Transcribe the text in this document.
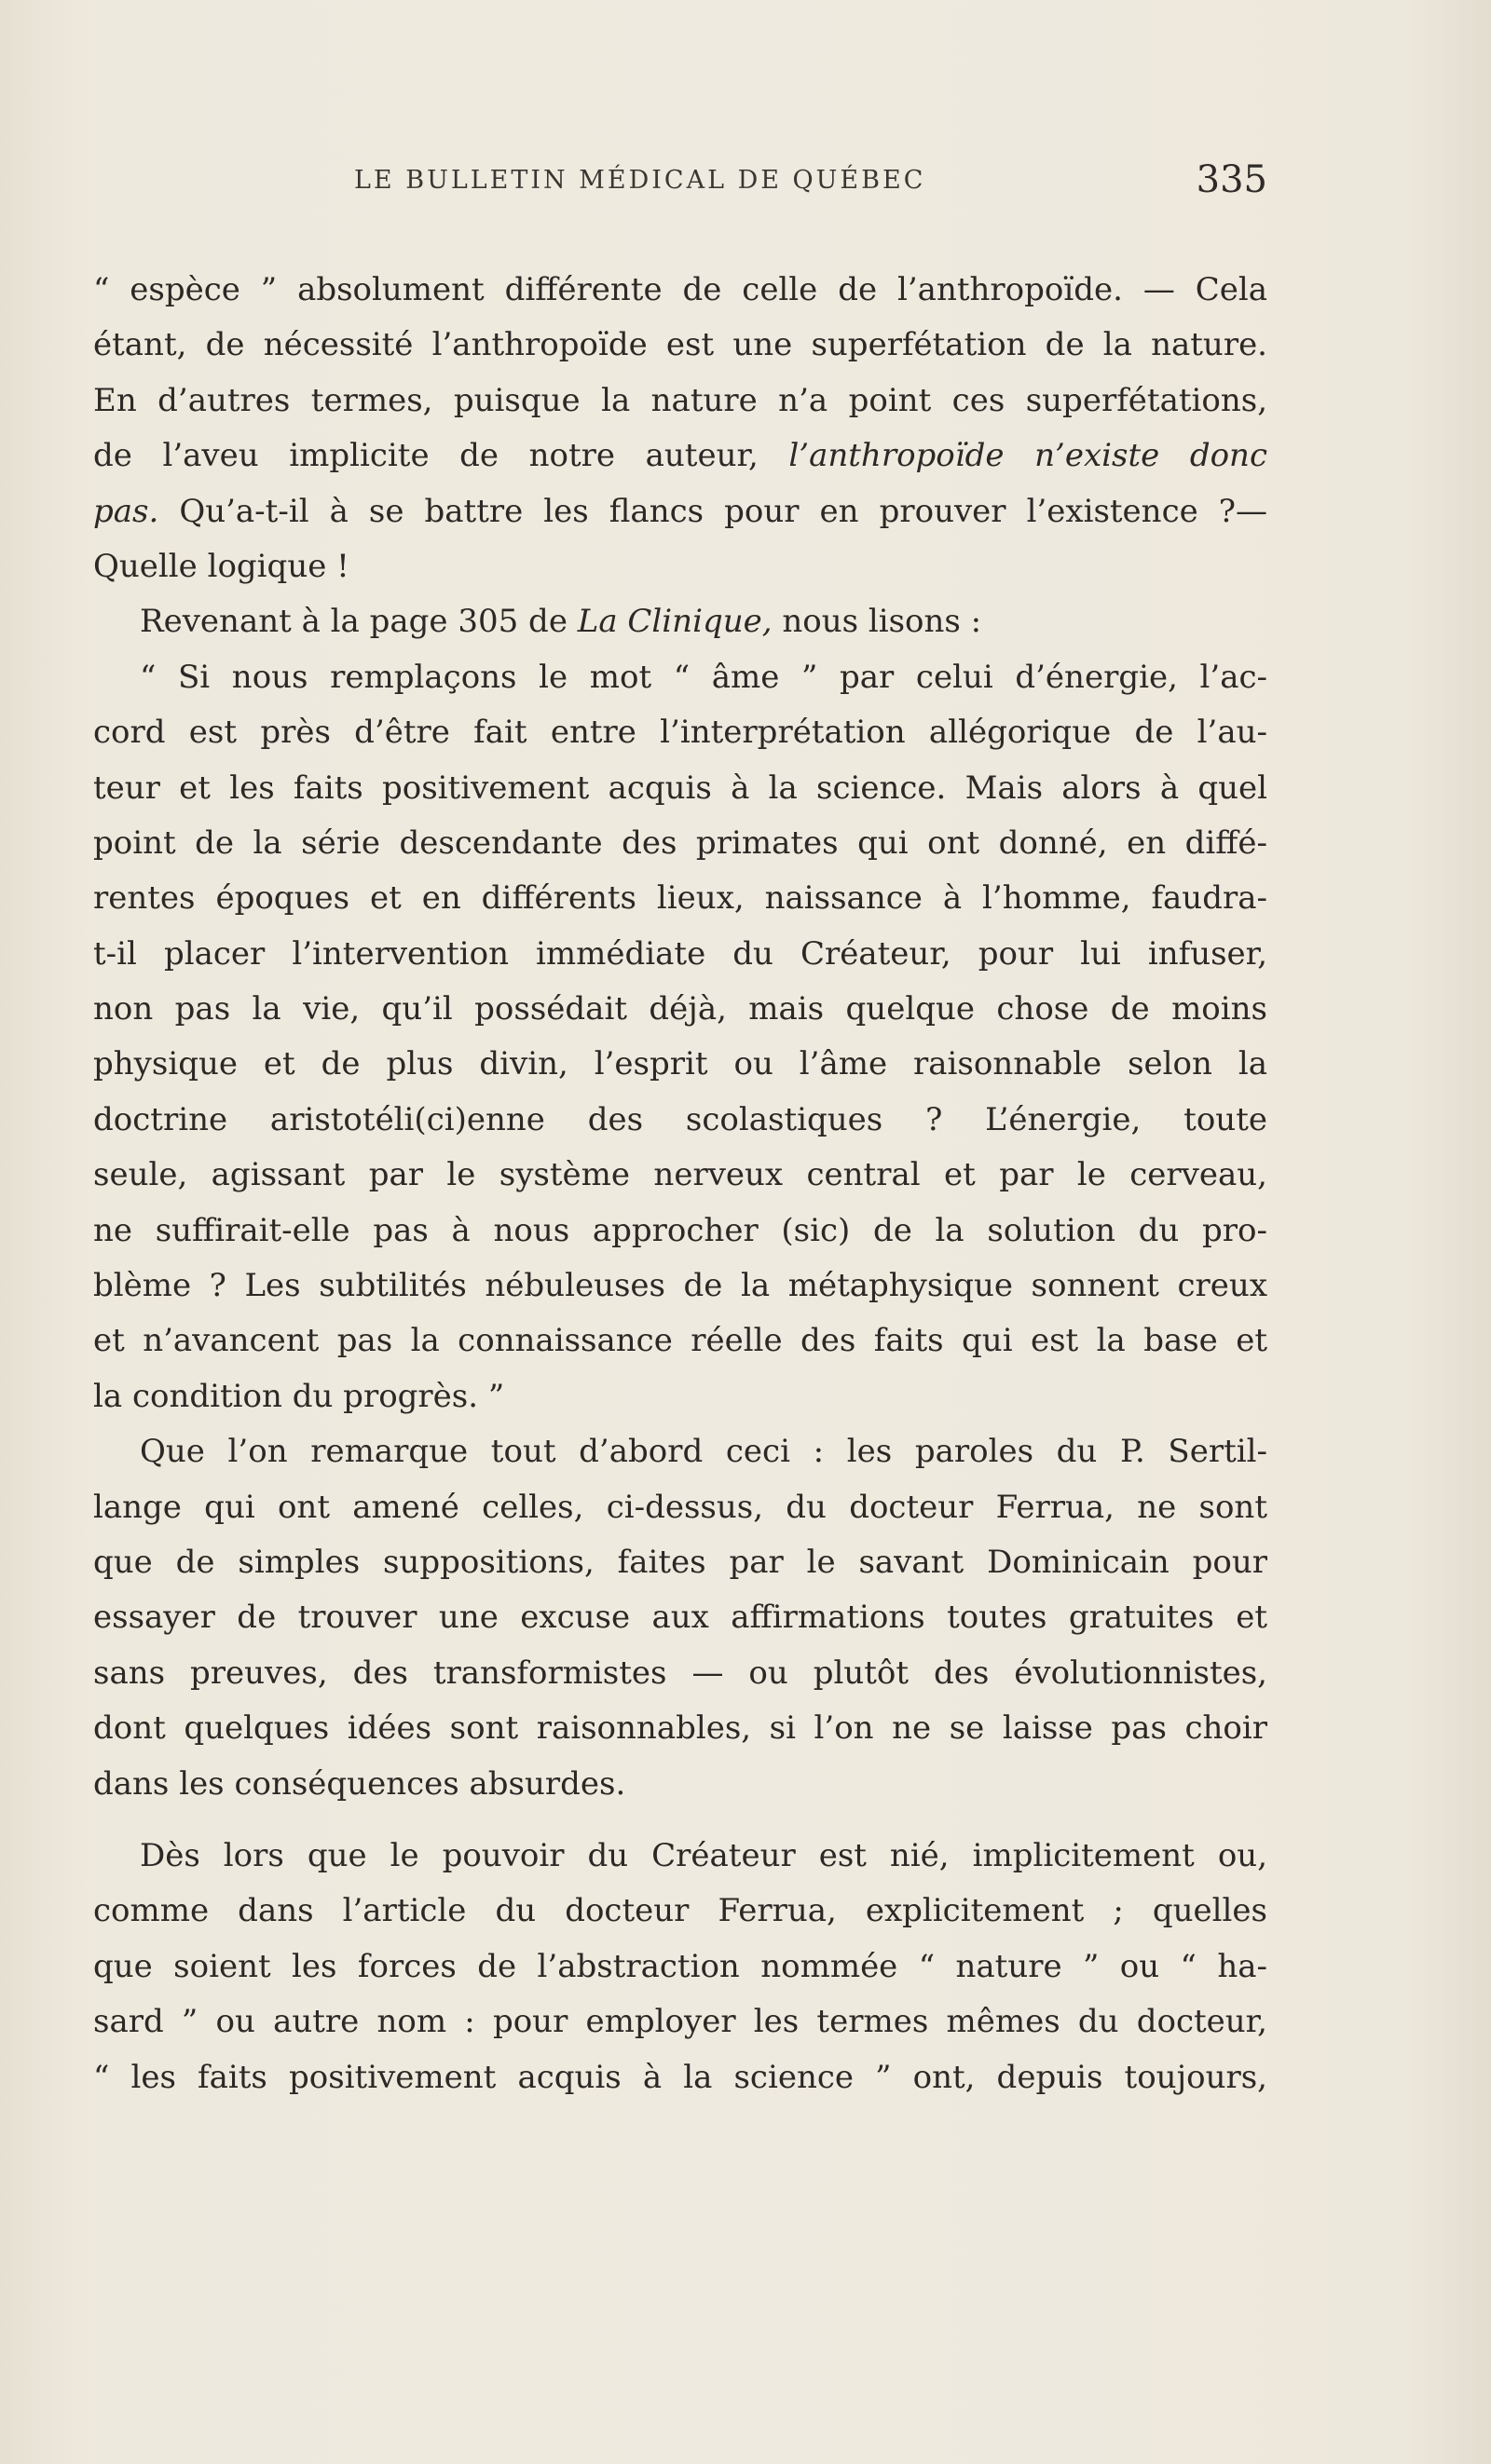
LE BULLETIN MÉDICAL DE QUÉBEC	335
“ espèce ” absolument différente de celle de l’anthropoïde. — Cela
étant, de nécessité l’anthropoïde est une superfétation de la nature.
En d’autres termes, puisque la nature n’a point ces superfétations,
de l’aveu implicite de notre auteur, l’anthropoïde n’existe donc
pas. Qu’a-t-il à se battre les flancs pour en prouver l’existence ?—
Quelle logique !
Revenant à la page 305 de La Clinique, nous lisons :
“ Si nous remplaçons le mot “ âme ” par celui d’énergie, l’ac-
cord est près d’être fait entre l’interprétation allégorique de l’au-
teur et les faits positivement acquis à la science. Mais alors à quel
point de la série descendante des primates qui ont donné, en diffé-
rentes époques et en différents lieux, naissance à l’homme, faudra-
t-il placer l’intervention immédiate du Créateur, pour lui infuser,
non pas la vie, qu’il possédait déjà, mais quelque chose de moins
physique et de plus divin, l’esprit ou l’âme raisonnable selon la
doctrine aristotéli(ci)enne des scolastiques ? L’énergie, toute
seule, agissant par le système nerveux central et par le cerveau,
ne suffirait-elle pas à nous approcher (sic) de la solution du pro-
blème ? Les subtilités nébuleuses de la métaphysique sonnent creux
et n’avancent pas la connaissance réelle des faits qui est la base et
la condition du progrès. ”
Que l’on remarque tout d’abord ceci : les paroles du P. Sertil-
lange qui ont amené celles, ci-dessus, du docteur Ferrua, ne sont
que de simples suppositions, faites par le savant Dominicain pour
essayer de trouver une excuse aux affirmations toutes gratuites et
sans preuves, des transformistes — ou plutôt des évolutionnistes,
dont quelques idées sont raisonnables, si l’on ne se laisse pas choir
dans les conséquences absurdes.
Dès lors que le pouvoir du Créateur est nié, implicitement ou,
comme dans l’article du docteur Ferrua, explicitement ; quelles
que soient les forces de l’abstraction nommée “ nature ” ou “ ha-
sard ” ou autre nom : pour employer les termes mêmes du docteur,
“ les faits positivement acquis à la science ” ont, depuis toujours,
